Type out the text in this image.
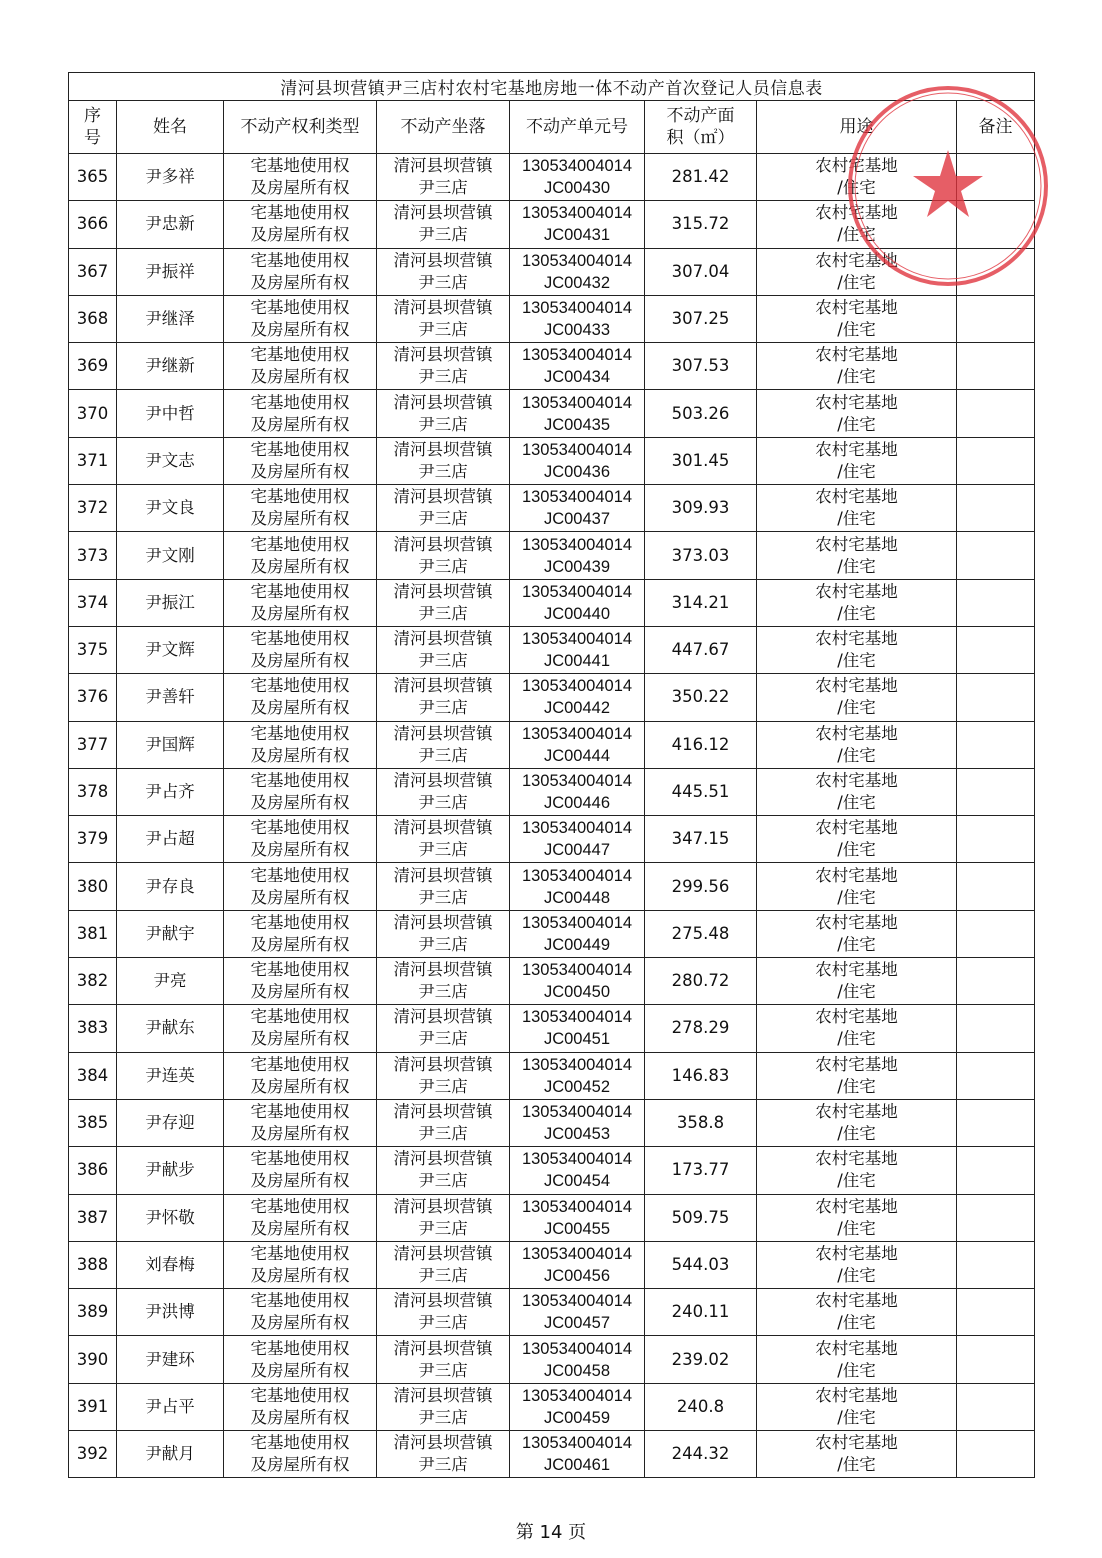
清河县坝营镇尹三店村农村宅基地房地一体不动产首次登记人员信息表							

序
号	姓名	不动产权利类型	不动产坐落	不动产单元号	不动产面
积（㎡）	用途	备注
365	尹多祥	宅基地使用权
及房屋所有权	清河县坝营镇
尹三店	130534004014
JC00430	281.42	农村宅基地
/住宅	

366	尹忠新	宅基地使用权
及房屋所有权	清河县坝营镇
尹三店	130534004014
JC00431	315.72	农村宅基地
/住宅	

367	尹振祥	宅基地使用权
及房屋所有权	清河县坝营镇
尹三店	130534004014
JC00432	307.04	农村宅基地
/住宅	

368	尹继泽	宅基地使用权
及房屋所有权	清河县坝营镇
尹三店	130534004014
JC00433	307.25	农村宅基地
/住宅	

369	尹继新	宅基地使用权
及房屋所有权	清河县坝营镇
尹三店	130534004014
JC00434	307.53	农村宅基地
/住宅	

370	尹中哲	宅基地使用权
及房屋所有权	清河县坝营镇
尹三店	130534004014
JC00435	503.26	农村宅基地
/住宅	

371	尹文志	宅基地使用权
及房屋所有权	清河县坝营镇
尹三店	130534004014
JC00436	301.45	农村宅基地
/住宅	

372	尹文良	宅基地使用权
及房屋所有权	清河县坝营镇
尹三店	130534004014
JC00437	309.93	农村宅基地
/住宅	

373	尹文刚	宅基地使用权
及房屋所有权	清河县坝营镇
尹三店	130534004014
JC00439	373.03	农村宅基地
/住宅	

374	尹振江	宅基地使用权
及房屋所有权	清河县坝营镇
尹三店	130534004014
JC00440	314.21	农村宅基地
/住宅	

375	尹文辉	宅基地使用权
及房屋所有权	清河县坝营镇
尹三店	130534004014
JC00441	447.67	农村宅基地
/住宅	

376	尹善轩	宅基地使用权
及房屋所有权	清河县坝营镇
尹三店	130534004014
JC00442	350.22	农村宅基地
/住宅	

377	尹国辉	宅基地使用权
及房屋所有权	清河县坝营镇
尹三店	130534004014
JC00444	416.12	农村宅基地
/住宅	

378	尹占齐	宅基地使用权
及房屋所有权	清河县坝营镇
尹三店	130534004014
JC00446	445.51	农村宅基地
/住宅	

379	尹占超	宅基地使用权
及房屋所有权	清河县坝营镇
尹三店	130534004014
JC00447	347.15	农村宅基地
/住宅	

380	尹存良	宅基地使用权
及房屋所有权	清河县坝营镇
尹三店	130534004014
JC00448	299.56	农村宅基地
/住宅	

381	尹献宇	宅基地使用权
及房屋所有权	清河县坝营镇
尹三店	130534004014
JC00449	275.48	农村宅基地
/住宅	

382	尹亮	宅基地使用权
及房屋所有权	清河县坝营镇
尹三店	130534004014
JC00450	280.72	农村宅基地
/住宅	

383	尹献东	宅基地使用权
及房屋所有权	清河县坝营镇
尹三店	130534004014
JC00451	278.29	农村宅基地
/住宅	

384	尹连英	宅基地使用权
及房屋所有权	清河县坝营镇
尹三店	130534004014
JC00452	146.83	农村宅基地
/住宅	

385	尹存迎	宅基地使用权
及房屋所有权	清河县坝营镇
尹三店	130534004014
JC00453	358.8	农村宅基地
/住宅	

386	尹献步	宅基地使用权
及房屋所有权	清河县坝营镇
尹三店	130534004014
JC00454	173.77	农村宅基地
/住宅	

387	尹怀敬	宅基地使用权
及房屋所有权	清河县坝营镇
尹三店	130534004014
JC00455	509.75	农村宅基地
/住宅	

388	刘春梅	宅基地使用权
及房屋所有权	清河县坝营镇
尹三店	130534004014
JC00456	544.03	农村宅基地
/住宅	

389	尹洪博	宅基地使用权
及房屋所有权	清河县坝营镇
尹三店	130534004014
JC00457	240.11	农村宅基地
/住宅	

390	尹建环	宅基地使用权
及房屋所有权	清河县坝营镇
尹三店	130534004014
JC00458	239.02	农村宅基地
/住宅	

391	尹占平	宅基地使用权
及房屋所有权	清河县坝营镇
尹三店	130534004014
JC00459	240.8	农村宅基地
/住宅	

392	尹献月	宅基地使用权
及房屋所有权	清河县坝营镇
尹三店	130534004014
JC00461	244.32	农村宅基地
/住宅	

第 14 页
